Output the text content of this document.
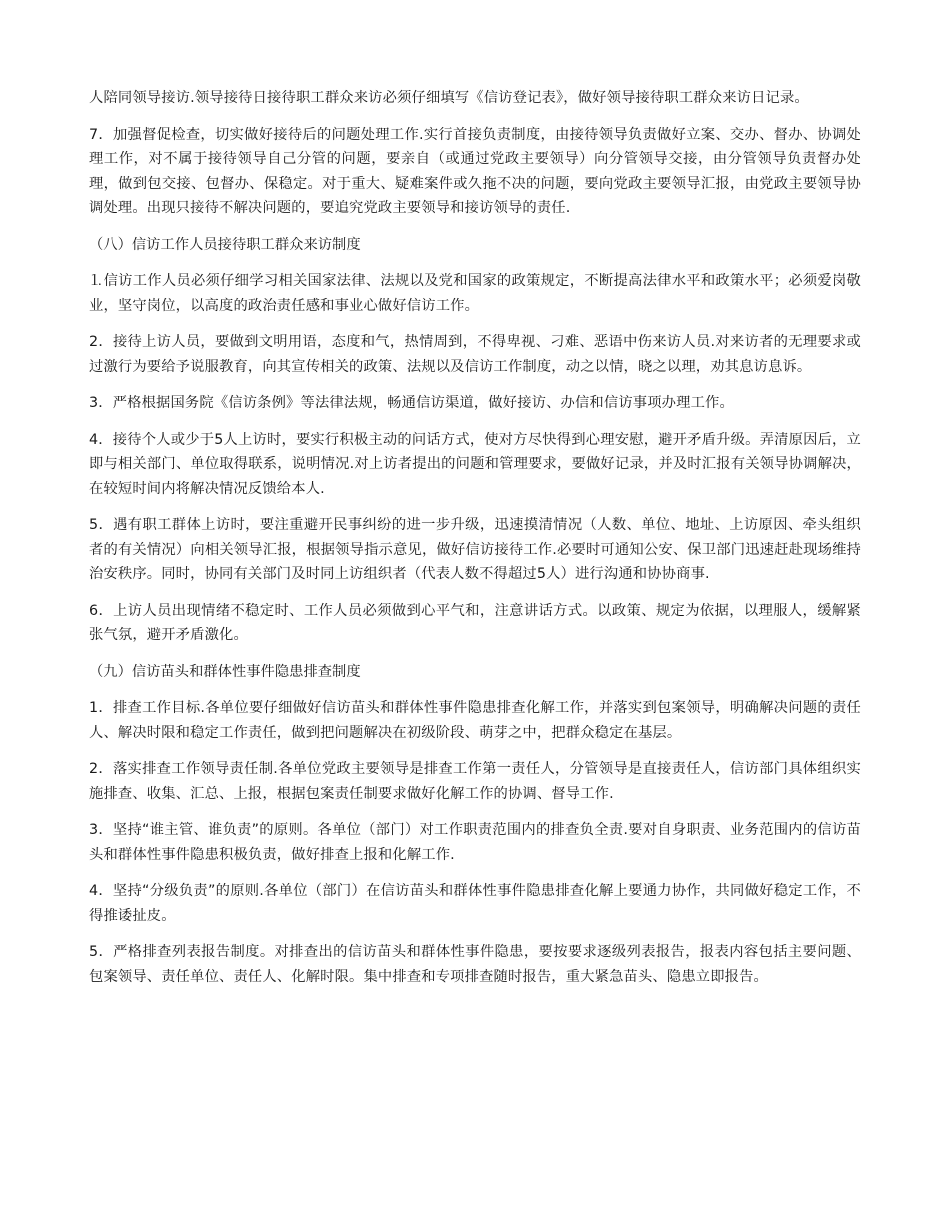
人陪同领导接访.领导接待日接待职工群众来访必须仔细填写《信访登记表》，做好领导接待职工群众来访日记录。

7．加强督促检查，切实做好接待后的问题处理工作.实行首接负责制度，由接待领导负责做好立案、交办、督办、协调处理工作，对不属于接待领导自己分管的问题，要亲自（或通过党政主要领导）向分管领导交接，由分管领导负责督办处理，做到包交接、包督办、保稳定。对于重大、疑难案件或久拖不决的问题，要向党政主要领导汇报，由党政主要领导协调处理。出现只接待不解决问题的，要追究党政主要领导和接访领导的责任.

（八）信访工作人员接待职工群众来访制度

⒈信访工作人员必须仔细学习相关国家法律、法规以及党和国家的政策规定，不断提高法律水平和政策水平；必须爱岗敬业，坚守岗位，以高度的政治责任感和事业心做好信访工作。

2．接待上访人员，要做到文明用语，态度和气，热情周到，不得卑视、刁难、恶语中伤来访人员.对来访者的无理要求或过激行为要给予说服教育，向其宣传相关的政策、法规以及信访工作制度，动之以情，晓之以理，劝其息访息诉。

3．严格根据国务院《信访条例》等法律法规，畅通信访渠道，做好接访、办信和信访事项办理工作。

4．接待个人或少于5人上访时，要实行积极主动的问话方式，使对方尽快得到心理安慰，避开矛盾升级。弄清原因后，立即与相关部门、单位取得联系，说明情况.对上访者提出的问题和管理要求，要做好记录，并及时汇报有关领导协调解决，在较短时间内将解决情况反馈给本人.

5．遇有职工群体上访时，要注重避开民事纠纷的进一步升级，迅速摸清情况（人数、单位、地址、上访原因、牵头组织者的有关情况）向相关领导汇报，根据领导指示意见，做好信访接待工作.必要时可通知公安、保卫部门迅速赶赴现场维持治安秩序。同时，协同有关部门及时同上访组织者（代表人数不得超过5人）进行沟通和协协商事.

6．上访人员出现情绪不稳定时、工作人员必须做到心平气和，注意讲话方式。以政策、规定为依据，以理服人，缓解紧张气氛，避开矛盾激化。

（九）信访苗头和群体性事件隐患排查制度

1．排查工作目标.各单位要仔细做好信访苗头和群体性事件隐患排查化解工作，并落实到包案领导，明确解决问题的责任人、解决时限和稳定工作责任，做到把问题解决在初级阶段、萌芽之中，把群众稳定在基层。

2．落实排查工作领导责任制.各单位党政主要领导是排查工作第一责任人，分管领导是直接责任人，信访部门具体组织实施排查、收集、汇总、上报，根据包案责任制要求做好化解工作的协调、督导工作.

3．坚持“谁主管、谁负责”的原则。各单位（部门）对工作职责范围内的排查负全责.要对自身职责、业务范围内的信访苗头和群体性事件隐患积极负责，做好排查上报和化解工作.

4．坚持“分级负责”的原则.各单位（部门）在信访苗头和群体性事件隐患排查化解上要通力协作，共同做好稳定工作，不得推诿扯皮。

5．严格排查列表报告制度。对排查出的信访苗头和群体性事件隐患，要按要求逐级列表报告，报表内容包括主要问题、包案领导、责任单位、责任人、化解时限。集中排查和专项排查随时报告，重大紧急苗头、隐患立即报告。
